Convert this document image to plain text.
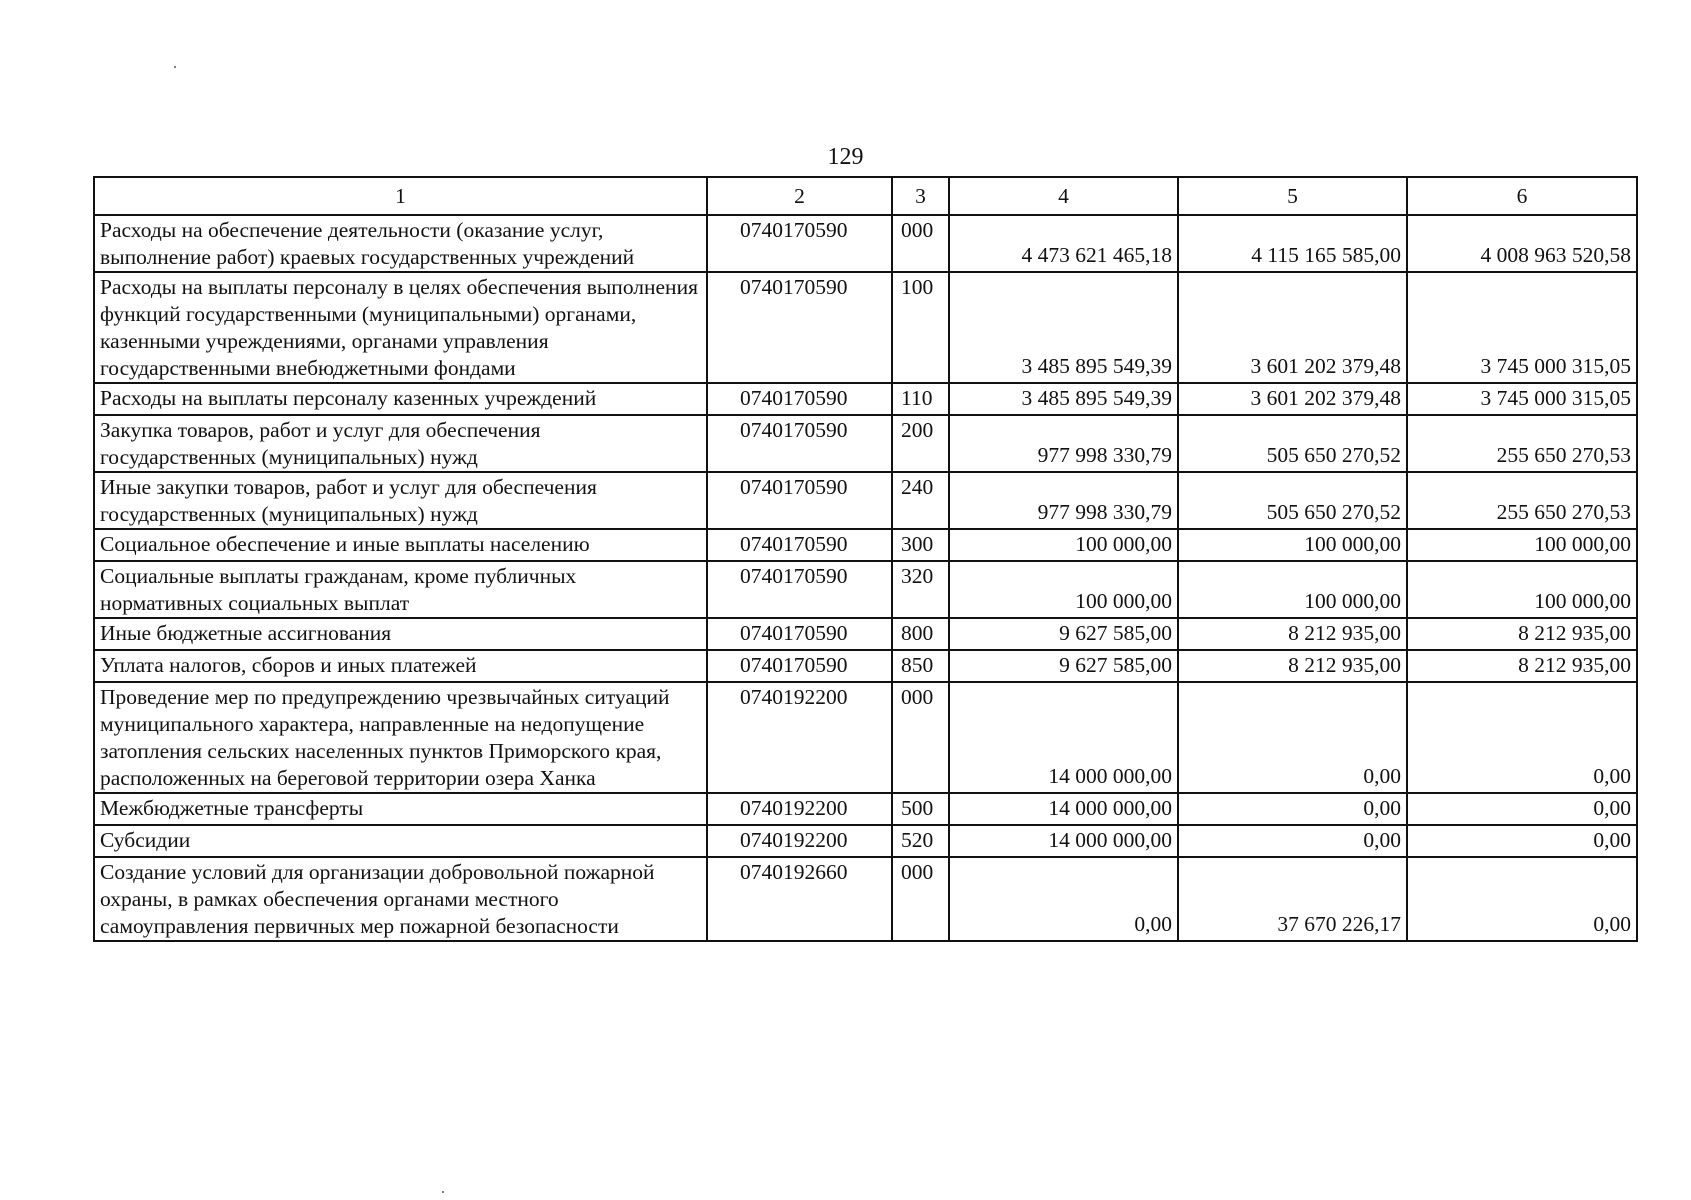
129
1	2	3	4	5	6
Расходы на обеспечение деятельности (оказание услуг, выполнение работ) краевых государственных учреждений	0740170590	000	4 473 621 465,18	4 115 165 585,00	4 008 963 520,58
Расходы на выплаты персоналу в целях обеспечения выполнения функций государственными (муниципальными) органами, казенными учреждениями, органами управления государственными внебюджетными фондами	0740170590	100	3 485 895 549,39	3 601 202 379,48	3 745 000 315,05
Расходы на выплаты персоналу казенных учреждений	0740170590	110	3 485 895 549,39	3 601 202 379,48	3 745 000 315,05
Закупка товаров, работ и услуг для обеспечения государственных (муниципальных) нужд	0740170590	200	977 998 330,79	505 650 270,52	255 650 270,53
Иные закупки товаров, работ и услуг для обеспечения государственных (муниципальных) нужд	0740170590	240	977 998 330,79	505 650 270,52	255 650 270,53
Социальное обеспечение и иные выплаты населению	0740170590	300	100 000,00	100 000,00	100 000,00
Социальные выплаты гражданам, кроме публичных нормативных социальных выплат	0740170590	320	100 000,00	100 000,00	100 000,00
Иные бюджетные ассигнования	0740170590	800	9 627 585,00	8 212 935,00	8 212 935,00
Уплата налогов, сборов и иных платежей	0740170590	850	9 627 585,00	8 212 935,00	8 212 935,00
Проведение мер по предупреждению чрезвычайных ситуаций муниципального характера, направленные на недопущение затопления сельских населенных пунктов Приморского края, расположенных на береговой территории озера Ханка	0740192200	000	14 000 000,00	0,00	0,00
Межбюджетные трансферты	0740192200	500	14 000 000,00	0,00	0,00
Субсидии	0740192200	520	14 000 000,00	0,00	0,00
Создание условий для организации добровольной пожарной охраны, в рамках обеспечения органами местного самоуправления первичных мер пожарной безопасности	0740192660	000	0,00	37 670 226,17	0,00
